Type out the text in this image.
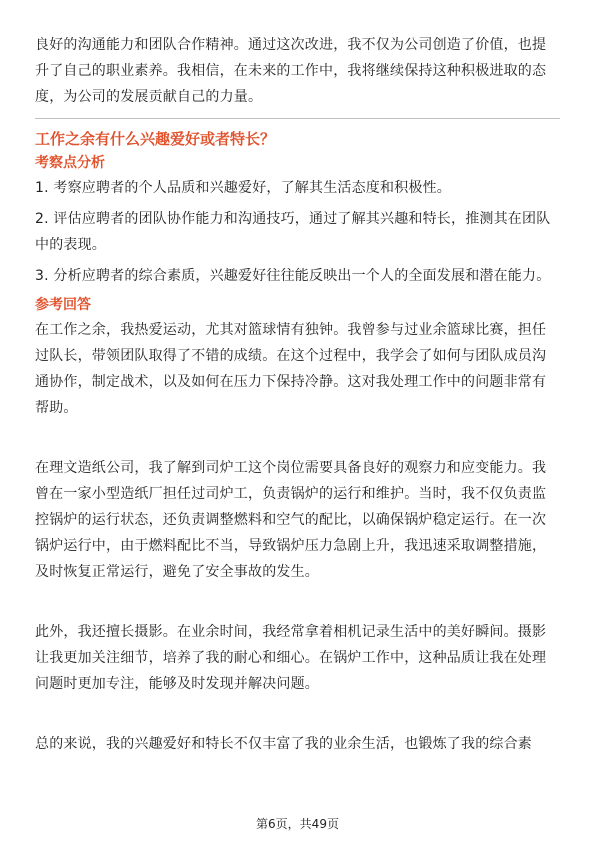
良好的沟通能力和团队合作精神。通过这次改进，我不仅为公司创造了价值，也提升了自己的职业素养。我相信，在未来的工作中，我将继续保持这种积极进取的态度，为公司的发展贡献自己的力量。

工作之余有什么兴趣爱好或者特长？
考察点分析

1. 考察应聘者的个人品质和兴趣爱好，了解其生活态度和积极性。

2. 评估应聘者的团队协作能力和沟通技巧，通过了解其兴趣和特长，推测其在团队中的表现。

3. 分析应聘者的综合素质，兴趣爱好往往能反映出一个人的全面发展和潜在能力。

参考回答

在工作之余，我热爱运动，尤其对篮球情有独钟。我曾参与过业余篮球比赛，担任过队长，带领团队取得了不错的成绩。在这个过程中，我学会了如何与团队成员沟通协作，制定战术，以及如何在压力下保持冷静。这对我处理工作中的问题非常有帮助。

在理文造纸公司，我了解到司炉工这个岗位需要具备良好的观察力和应变能力。我曾在一家小型造纸厂担任过司炉工，负责锅炉的运行和维护。当时，我不仅负责监控锅炉的运行状态，还负责调整燃料和空气的配比，以确保锅炉稳定运行。在一次锅炉运行中，由于燃料配比不当，导致锅炉压力急剧上升，我迅速采取调整措施，及时恢复正常运行，避免了安全事故的发生。

此外，我还擅长摄影。在业余时间，我经常拿着相机记录生活中的美好瞬间。摄影让我更加关注细节，培养了我的耐心和细心。在锅炉工作中，这种品质让我在处理问题时更加专注，能够及时发现并解决问题。

总的来说，我的兴趣爱好和特长不仅丰富了我的业余生活，也锻炼了我的综合素

第6页，共49页
